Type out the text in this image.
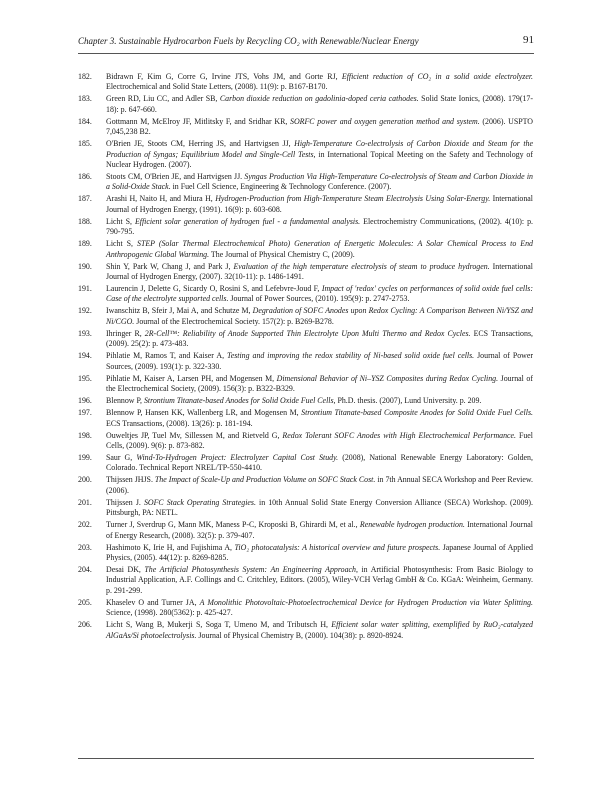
Chapter 3. Sustainable Hydrocarbon Fuels by Recycling CO₂ with Renewable/Nuclear Energy	91
182. Bidrawn F, Kim G, Corre G, Irvine JTS, Vohs JM, and Gorte RJ, Efficient reduction of CO₂ in a solid oxide electrolyzer. Electrochemical and Solid State Letters, (2008). 11(9): p. B167-B170.
183. Green RD, Liu CC, and Adler SB, Carbon dioxide reduction on gadolinia-doped ceria cathodes. Solid State Ionics, (2008). 179(17-18): p. 647-660.
184. Gottmann M, McElroy JF, Mitlitsky F, and Sridhar KR, SORFC power and oxygen generation method and system. (2006). USPTO 7,045,238 B2.
185. O'Brien JE, Stoots CM, Herring JS, and Hartvigsen JJ, High-Temperature Co-electrolysis of Carbon Dioxide and Steam for the Production of Syngas; Equilibrium Model and Single-Cell Tests, in International Topical Meeting on the Safety and Technology of Nuclear Hydrogen. (2007).
186. Stoots CM, O'Brien JE, and Hartvigsen JJ. Syngas Production Via High-Temperature Co-electrolysis of Steam and Carbon Dioxide in a Solid-Oxide Stack. in Fuel Cell Science, Engineering & Technology Conference. (2007).
187. Arashi H, Naito H, and Miura H, Hydrogen-Production from High-Temperature Steam Electrolysis Using Solar-Energy. International Journal of Hydrogen Energy, (1991). 16(9): p. 603-608.
188. Licht S, Efficient solar generation of hydrogen fuel - a fundamental analysis. Electrochemistry Communications, (2002). 4(10): p. 790-795.
189. Licht S, STEP (Solar Thermal Electrochemical Photo) Generation of Energetic Molecules: A Solar Chemical Process to End Anthropogenic Global Warming. The Journal of Physical Chemistry C, (2009).
190. Shin Y, Park W, Chang J, and Park J, Evaluation of the high temperature electrolysis of steam to produce hydrogen. International Journal of Hydrogen Energy, (2007). 32(10-11): p. 1486-1491.
191. Laurencin J, Delette G, Sicardy O, Rosini S, and Lefebvre-Joud F, Impact of 'redox' cycles on performances of solid oxide fuel cells: Case of the electrolyte supported cells. Journal of Power Sources, (2010). 195(9): p. 2747-2753.
192. Iwanschitz B, Sfeir J, Mai A, and Schutze M, Degradation of SOFC Anodes upon Redox Cycling: A Comparison Between Ni/YSZ and Ni/CGO. Journal of the Electrochemical Society. 157(2): p. B269-B278.
193. Ihringer R, 2R-Cell™: Reliability of Anode Supported Thin Electrolyte Upon Multi Thermo and Redox Cycles. ECS Transactions, (2009). 25(2): p. 473-483.
194. Pihlatie M, Ramos T, and Kaiser A, Testing and improving the redox stability of Ni-based solid oxide fuel cells. Journal of Power Sources, (2009). 193(1): p. 322-330.
195. Pihlatie M, Kaiser A, Larsen PH, and Mogensen M, Dimensional Behavior of Ni–YSZ Composites during Redox Cycling. Journal of the Electrochemical Society, (2009). 156(3): p. B322-B329.
196. Blennow P, Strontium Titanate-based Anodes for Solid Oxide Fuel Cells, Ph.D. thesis. (2007), Lund University. p. 209.
197. Blennow P, Hansen KK, Wallenberg LR, and Mogensen M, Strontium Titanate-based Composite Anodes for Solid Oxide Fuel Cells. ECS Transactions, (2008). 13(26): p. 181-194.
198. Ouweltjes JP, Tuel Mv, Sillessen M, and Rietveld G, Redox Tolerant SOFC Anodes with High Electrochemical Performance. Fuel Cells, (2009). 9(6): p. 873-882.
199. Saur G, Wind-To-Hydrogen Project: Electrolyzer Capital Cost Study. (2008), National Renewable Energy Laboratory: Golden, Colorado. Technical Report NREL/TP-550-4410.
200. Thijssen JHJS. The Impact of Scale-Up and Production Volume on SOFC Stack Cost. in 7th Annual SECA Workshop and Peer Review. (2006).
201. Thijssen J. SOFC Stack Operating Strategies. in 10th Annual Solid State Energy Conversion Alliance (SECA) Workshop. (2009). Pittsburgh, PA: NETL.
202. Turner J, Sverdrup G, Mann MK, Maness P-C, Kroposki B, Ghirardi M, et al., Renewable hydrogen production. International Journal of Energy Research, (2008). 32(5): p. 379-407.
203. Hashimoto K, Irie H, and Fujishima A, TiO₂ photocatalysis: A historical overview and future prospects. Japanese Journal of Applied Physics, (2005). 44(12): p. 8269-8285.
204. Desai DK, The Artificial Photosynthesis System: An Engineering Approach, in Artificial Photosynthesis: From Basic Biology to Industrial Application, A.F. Collings and C. Critchley, Editors. (2005), Wiley-VCH Verlag GmbH & Co. KGaA: Weinheim, Germany. p. 291-299.
205. Khaselev O and Turner JA, A Monolithic Photovoltaic-Photoelectrochemical Device for Hydrogen Production via Water Splitting. Science, (1998). 280(5362): p. 425-427.
206. Licht S, Wang B, Mukerji S, Soga T, Umeno M, and Tributsch H, Efficient solar water splitting, exemplified by RuO₂-catalyzed AlGaAs/Si photoelectrolysis. Journal of Physical Chemistry B, (2000). 104(38): p. 8920-8924.
